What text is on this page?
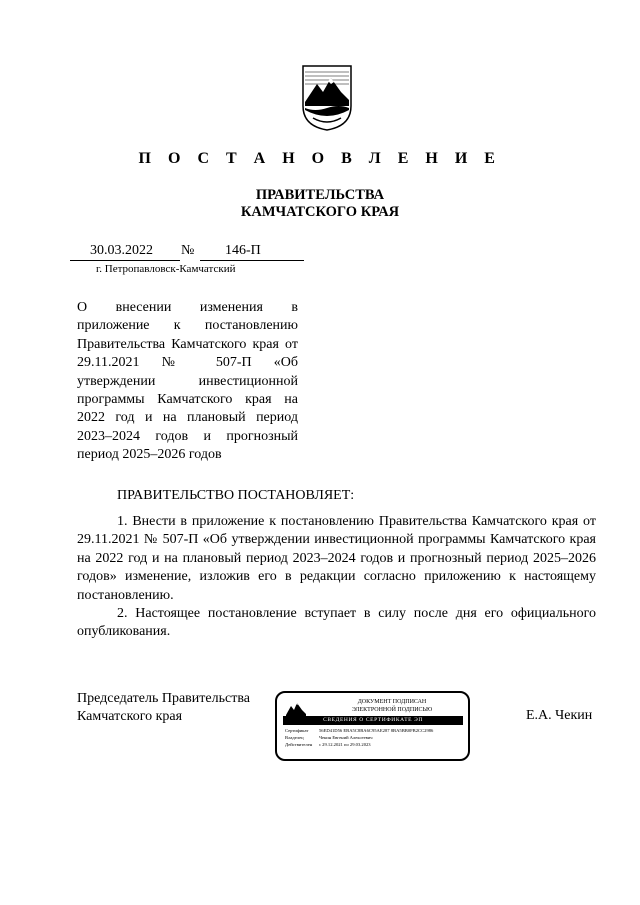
П О С Т А Н О В Л Е Н И Е
ПРАВИТЕЛЬСТВА
КАМЧАТСКОГО КРАЯ
30.03.2022 № 146-П
г. Петропавловск-Камчатский
О внесении изменения в приложение к постановлению Правительства Камчатского края от 29.11.2021 № 507-П «Об утверждении инвестиционной программы Камчатского края на 2022 год и на плановый период 2023–2024 годов и прогнозный период 2025–2026 годов
ПРАВИТЕЛЬСТВО ПОСТАНОВЛЯЕТ:

1. Внести в приложение к постановлению Правительства Камчатского края от 29.11.2021 № 507-П «Об утверждении инвестиционной программы Камчатского края на 2022 год и на плановый период 2023–2024 годов и прогнозный период 2025–2026 годов» изменение, изложив его в редакции согласно приложению к настоящему постановлению.

2. Настоящее постановление вступает в силу после дня его официального опубликования.

Председатель Правительства
Камчатского края
ДОКУМЕНТ ПОДПИСАН
ЭЛЕКТРОННОЙ ПОДПИСЬЮ
СВЕДЕНИЯ О СЕРТИФИКАТЕ ЭП
Сертификат	56ED41D56 EBA5C8BA6C95AE287 8BA5BB0FB2CC2986
Владелец	Чекин Евгений Алексеевич
Действителен	с 29.12.2021 по 29.03.2023
Е.А. Чекин
